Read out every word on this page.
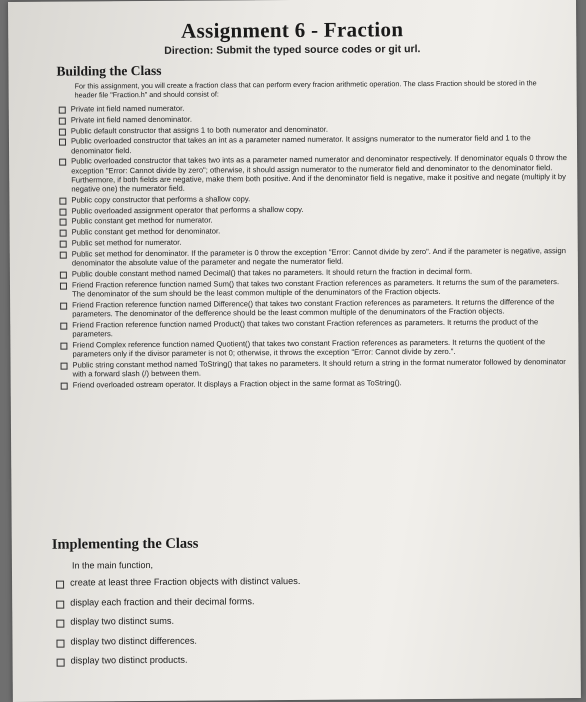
Assignment 6 - Fraction
Direction: Submit the typed source codes or git url.
Building the Class
For this assignment, you will create a fraction class that can perform every fracion arithmetic operation. The class Fraction should be stored in the header file "Fraction.h" and should consist of:
Private int field named numerator.
Private int field named denominator.
Public default constructor that assigns 1 to both numerator and denominator.
Public overloaded constructor that takes an int as a parameter named numerator. It assigns numerator to the numerator field and 1 to the denominator field.
Public overloaded constructor that takes two ints as a parameter named numerator and denominator respectively. If denominator equals 0 throw the exception "Error: Cannot divide by zero"; otherwise, it should assign numerator to the numerator field and denominator to the denominator field. Furthermore, if both fields are negative, make them both positive. And if the denominator field is negative, make it positive and negate (multiply it by negative one) the numerator field.
Public copy constructor that performs a shallow copy.
Public overloaded assignment operator that performs a shallow copy.
Public constant get method for numerator.
Public constant get method for denominator.
Public set method for numerator.
Public set method for denominator. If the parameter is 0 throw the exception "Error: Cannot divide by zero". And if the parameter is negative, assign denominator the absolute value of the parameter and negate the numerator field.
Public double constant method named Decimal() that takes no parameters. It should return the fraction in decimal form.
Friend Fraction reference function named Sum() that takes two constant Fraction references as parameters. It returns the sum of the parameters. The denominator of the sum should be the least common multiple of the denuminators of the Fraction objects.
Friend Fraction reference function named Difference() that takes two constant Fraction references as parameters. It returns the difference of the parameters. The denominator of the defference should be the least common multiple of the denuminators of the Fraction objects.
Friend Fraction reference function named Product() that takes two constant Fraction references as parameters. It returns the product of the parameters.
Friend Complex reference function named Quotient() that takes two constant Fraction references as parameters. It returns the quotient of the parameters only if the divisor parameter is not 0; otherwise, it throws the exception "Error: Cannot divide by zero.".
Public string constant method named ToString() that takes no parameters. It should return a string in the format numerator followed by denominator with a forward slash (/) between them.
Friend overloaded ostream operator. It displays a Fraction object in the same format as ToString().
Implementing the Class
In the main function,
create at least three Fraction objects with distinct values.
display each fraction and their decimal forms.
display two distinct sums.
display two distinct differences.
display two distinct products.
